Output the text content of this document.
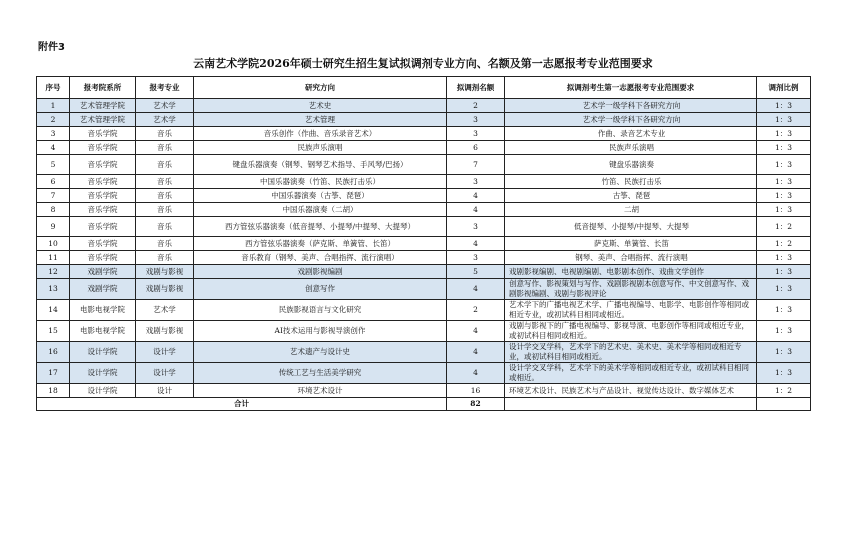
附件3
云南艺术学院2026年硕士研究生招生复试拟调剂专业方向、名额及第一志愿报考专业范围要求
序号	报考院系所	报考专业	研究方向	拟调剂名额	拟调剂考生第一志愿报考专业范围要求	调剂比例
1	艺术管理学院	艺术学	艺术史	2	艺术学一级学科下各研究方向	1：3
2	艺术管理学院	艺术学	艺术管理	3	艺术学一级学科下各研究方向	1：3
3	音乐学院	音乐	音乐创作（作曲、音乐录音艺术）	3	作曲、录音艺术专业	1：3
4	音乐学院	音乐	民族声乐演唱	6	民族声乐演唱	1：3
5	音乐学院	音乐	键盘乐器演奏（钢琴、钢琴艺术指导、手风琴/巴扬）	7	键盘乐器演奏	1：3
6	音乐学院	音乐	中国乐器演奏（竹笛、民族打击乐）	3	竹笛、民族打击乐	1：3
7	音乐学院	音乐	中国乐器演奏（古筝、琵琶）	4	古筝、琵琶	1：3
8	音乐学院	音乐	中国乐器演奏（二胡）	4	二胡	1：3
9	音乐学院	音乐	西方管弦乐器演奏（低音提琴、小提琴/中提琴、大提琴）	3	低音提琴、小提琴/中提琴、大提琴	1：2
10	音乐学院	音乐	西方管弦乐器演奏（萨克斯、单簧管、长笛）	4	萨克斯、单簧管、长笛	1：2
11	音乐学院	音乐	音乐教育（钢琴、美声、合唱指挥、流行演唱）	3	钢琴、美声、合唱指挥、流行演唱	1：3
12	戏剧学院	戏剧与影视	戏剧影视编剧	5	戏剧影视编剧、电视剧编剧、电影剧本创作、戏曲文学创作	1：3
13	戏剧学院	戏剧与影视	创意写作	4	创意写作、影视策划与写作、戏剧影视剧本创意写作、中文创意写作、戏剧影视编剧、戏剧与影视评论	1：3
14	电影电视学院	艺术学	民族影视语言与文化研究	2	艺术学下的广播电视艺术学、广播电视编导、电影学、电影创作等相同或相近专业，或初试科目相同或相近。	1：3
15	电影电视学院	戏剧与影视	AI技术运用与影视导演创作	4	戏剧与影视下的广播电视编导、影视导演、电影创作等相同或相近专业，或初试科目相同或相近。	1：3
16	设计学院	设计学	艺术遗产与设计史	4	设计学交叉学科，艺术学下的艺术史、美术史、美术学等相同或相近专业，或初试科目相同或相近。	1：3
17	设计学院	设计学	传统工艺与生活美学研究	4	设计学交叉学科，艺术学下的美术学等相同或相近专业，或初试科目相同或相近。	1：3
18	设计学院	设计	环境艺术设计	16	环境艺术设计、民族艺术与产品设计、视觉传达设计、数字媒体艺术	1：2
合计				82		
